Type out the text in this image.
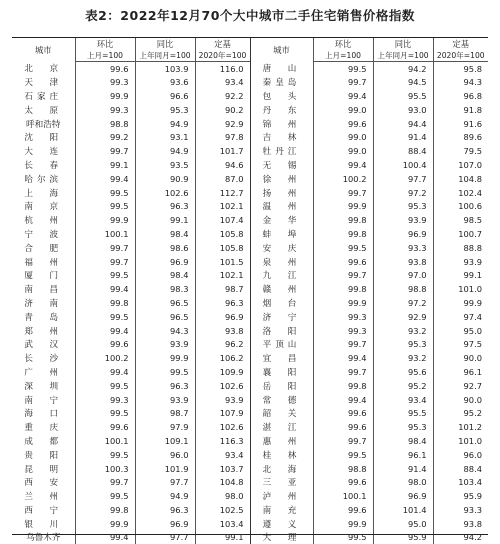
表2：2022年12月70个大中城市二手住宅销售价格指数
城市	环比	同比	定基	城市	环比	同比	定基
	上月=100	上年同月=100	2020年=100		上月=100	上年同月=100	2020年=100
北　京	99.6	103.9	116.0	唐　山	99.5	94.2	95.8
天　津	99.3	93.6	93.4	秦皇岛	99.7	94.5	94.3
石家庄	99.9	96.6	92.2	包　头	99.4	95.5	96.8
太　原	99.3	95.3	90.2	丹　东	99.0	93.0	91.8
呼和浩特	98.8	94.9	92.9	锦　州	99.6	94.4	91.6
沈　阳	99.2	93.1	97.8	吉　林	99.0	91.4	89.6
大　连	99.7	94.9	101.7	牡丹江	99.0	88.4	79.5
长　春	99.1	93.5	94.6	无　锡	99.4	100.4	107.0
哈尔滨	99.4	90.9	87.0	徐　州	100.2	97.7	104.8
上　海	99.5	102.6	112.7	扬　州	99.7	97.2	102.4
南　京	99.5	96.3	102.1	温　州	99.9	95.3	100.6
杭　州	99.9	99.1	107.4	金　华	99.8	93.9	98.5
宁　波	100.1	98.4	105.8	蚌　埠	99.8	96.9	100.7
合　肥	99.7	98.6	105.8	安　庆	99.5	93.3	88.8
福　州	99.7	96.9	101.5	泉　州	99.6	93.8	93.9
厦　门	99.5	98.4	102.1	九　江	99.7	97.0	99.1
南　昌	99.4	98.3	98.7	赣　州	99.8	98.8	101.0
济　南	99.8	96.5	96.3	烟　台	99.9	97.2	99.9
青　岛	99.5	96.5	96.9	济　宁	99.3	92.9	97.4
郑　州	99.4	94.3	93.8	洛　阳	99.3	93.2	95.0
武　汉	99.6	93.9	96.2	平顶山	99.7	95.3	97.5
长　沙	100.2	99.9	106.2	宜　昌	99.4	93.2	90.0
广　州	99.4	99.5	109.9	襄　阳	99.7	95.6	96.1
深　圳	99.5	96.3	102.6	岳　阳	99.8	95.2	92.7
南　宁	99.3	93.9	93.9	常　德	99.4	93.4	90.0
海　口	99.5	98.7	107.9	韶　关	99.6	95.5	95.2
重　庆	99.6	97.9	102.6	湛　江	99.6	95.3	101.2
成　都	100.1	109.1	116.3	惠　州	99.7	98.4	101.0
贵　阳	99.5	96.0	93.4	桂　林	99.5	96.1	96.0
昆　明	100.3	101.9	103.7	北　海	98.8	91.4	88.4
西　安	99.7	97.7	104.8	三　亚	99.6	98.0	103.4
兰　州	99.5	94.9	98.0	泸　州	100.1	96.9	95.9
西　宁	99.8	96.3	102.5	南　充	99.6	101.4	93.3
银　川	99.9	96.9	103.4	遵　义	99.9	95.0	93.8
乌鲁木齐	99.4	97.7	99.1	大　理	99.5	95.9	94.2
